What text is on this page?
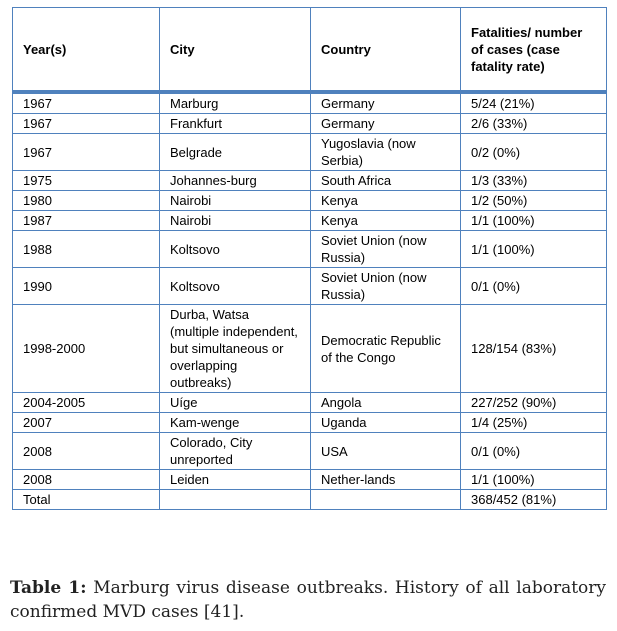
Year(s)	City	Country	Fatalities/ number of cases (case fatality rate)
1967	Marburg	Germany	5/24 (21%)
1967	Frankfurt	Germany	2/6 (33%)
1967	Belgrade	Yugoslavia (now Serbia)	0/2 (0%)
1975	Johannes-burg	South Africa	1/3 (33%)
1980	Nairobi	Kenya	1/2 (50%)
1987	Nairobi	Kenya	1/1 (100%)
1988	Koltsovo	Soviet Union (now Russia)	1/1 (100%)
1990	Koltsovo	Soviet Union (now Russia)	0/1 (0%)
1998-2000	Durba, Watsa (multiple independent, but simultaneous or overlapping outbreaks)	Democratic Republic of the Congo	128/154 (83%)
2004-2005	Uíge	Angola	227/252 (90%)
2007	Kam-wenge	Uganda	1/4 (25%)
2008	Colorado, City unreported	USA	0/1 (0%)
2008	Leiden	Nether-lands	1/1 (100%)
Total			368/452 (81%)
Table 1: Marburg virus disease outbreaks. History of all laboratory confirmed MVD cases [41].
